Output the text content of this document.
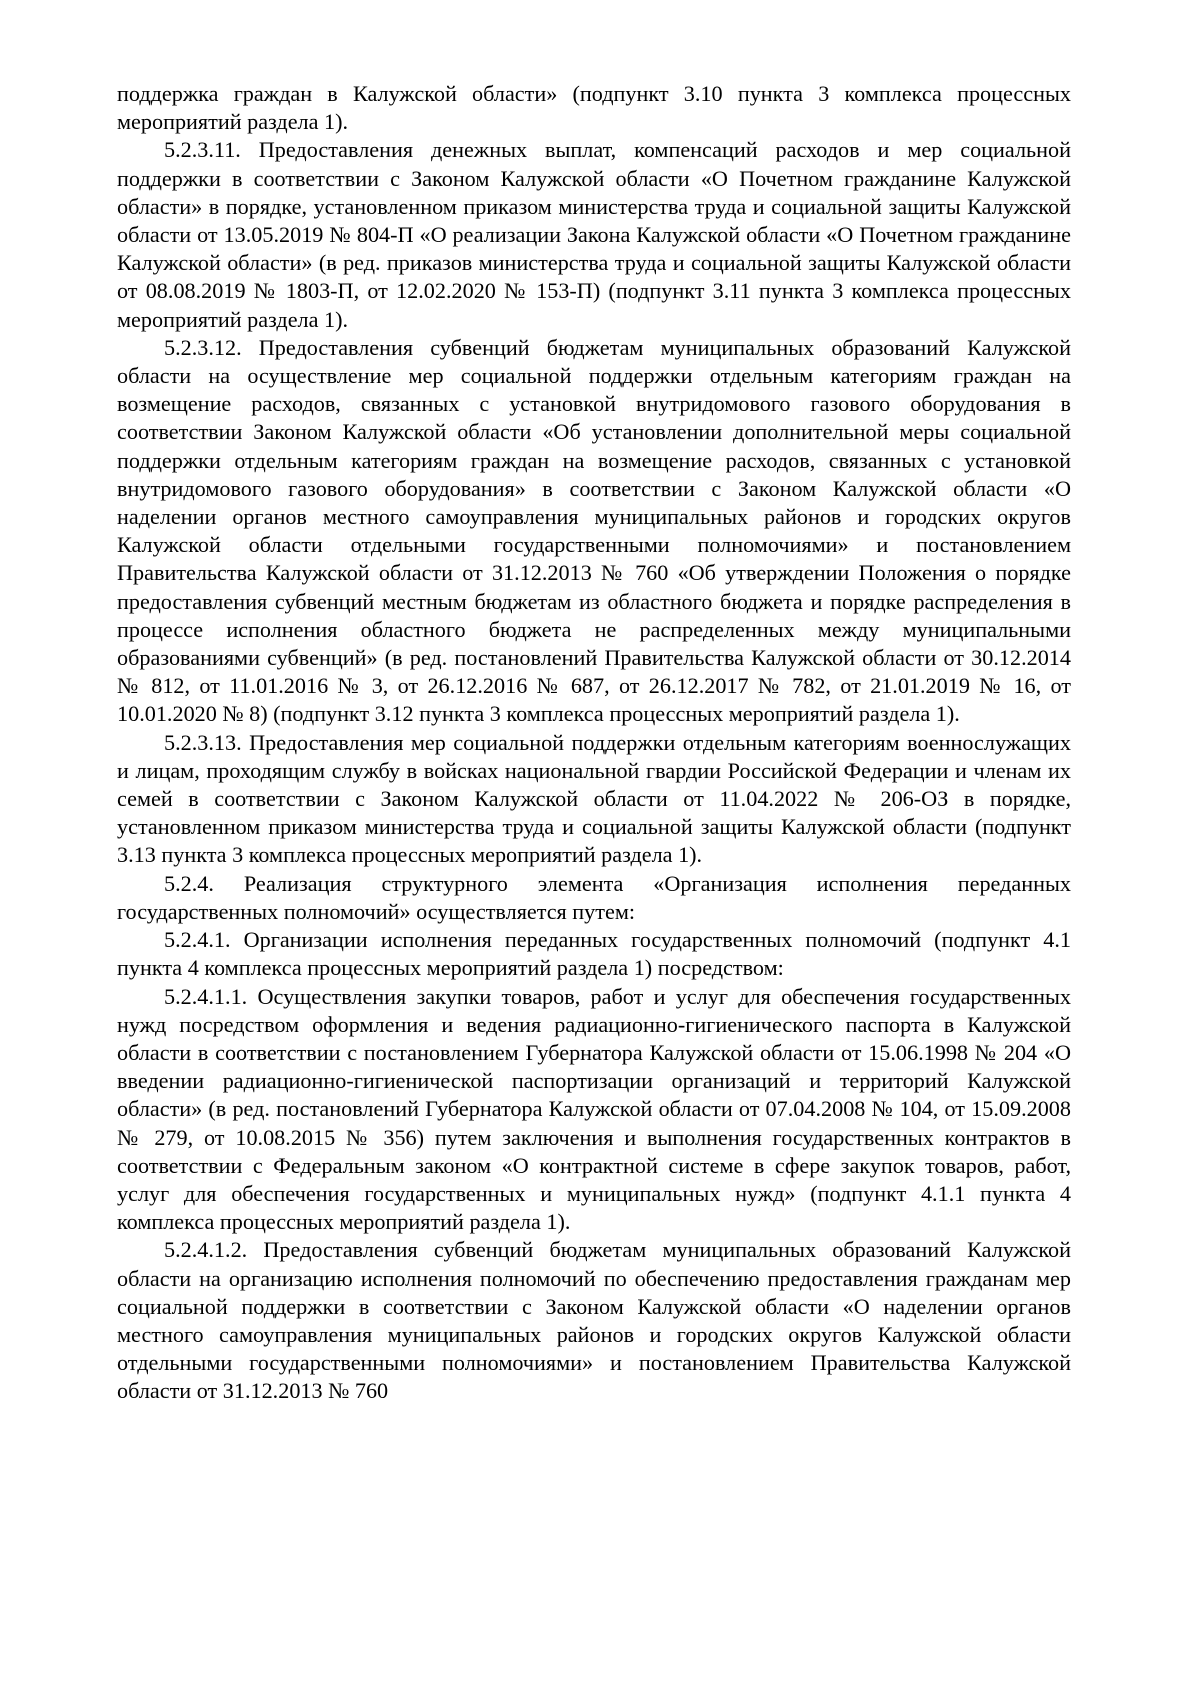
поддержка граждан в Калужской области» (подпункт 3.10 пункта 3 комплекса процессных мероприятий раздела 1).

5.2.3.11. Предоставления денежных выплат, компенсаций расходов и мер социальной поддержки в соответствии с Законом Калужской области «О Почетном гражданине Калужской области» в порядке, установленном приказом министерства труда и социальной защиты Калужской области от 13.05.2019 № 804-П «О реализации Закона Калужской области «О Почетном гражданине Калужской области» (в ред. приказов министерства труда и социальной защиты Калужской области от 08.08.2019 № 1803-П, от 12.02.2020 № 153-П) (подпункт 3.11 пункта 3 комплекса процессных мероприятий раздела 1).

5.2.3.12. Предоставления субвенций бюджетам муниципальных образований Калужской области на осуществление мер социальной поддержки отдельным категориям граждан на возмещение расходов, связанных с установкой внутридомового газового оборудования в соответствии Законом Калужской области «Об установлении дополнительной меры социальной поддержки отдельным категориям граждан на возмещение расходов, связанных с установкой внутридомового газового оборудования» в соответствии с Законом Калужской области «О наделении органов местного самоуправления муниципальных районов и городских округов Калужской области отдельными государственными полномочиями» и постановлением Правительства Калужской области от 31.12.2013 № 760 «Об утверждении Положения о порядке предоставления субвенций местным бюджетам из областного бюджета и порядке распределения в процессе исполнения областного бюджета не распределенных между муниципальными образованиями субвенций» (в ред. постановлений Правительства Калужской области от 30.12.2014 № 812, от 11.01.2016 № 3, от 26.12.2016 № 687, от 26.12.2017 № 782, от 21.01.2019 № 16, от 10.01.2020 № 8) (подпункт 3.12 пункта 3 комплекса процессных мероприятий раздела 1).

5.2.3.13. Предоставления мер социальной поддержки отдельным категориям военнослужащих и лицам, проходящим службу в войсках национальной гвардии Российской Федерации и членам их семей в соответствии с Законом Калужской области от 11.04.2022 № 206-ОЗ в порядке, установленном приказом министерства труда и социальной защиты Калужской области (подпункт 3.13 пункта 3 комплекса процессных мероприятий раздела 1).

5.2.4. Реализация структурного элемента «Организация исполнения переданных государственных полномочий» осуществляется путем:

5.2.4.1. Организации исполнения переданных государственных полномочий (подпункт 4.1 пункта 4 комплекса процессных мероприятий раздела 1) посредством:

5.2.4.1.1. Осуществления закупки товаров, работ и услуг для обеспечения государственных нужд посредством оформления и ведения радиационно-гигиенического паспорта в Калужской области в соответствии с постановлением Губернатора Калужской области от 15.06.1998 № 204 «О введении радиационно-гигиенической паспортизации организаций и территорий Калужской области» (в ред. постановлений Губернатора Калужской области от 07.04.2008 № 104, от 15.09.2008 № 279, от 10.08.2015 № 356) путем заключения и выполнения государственных контрактов в соответствии с Федеральным законом «О контрактной системе в сфере закупок товаров, работ, услуг для обеспечения государственных и муниципальных нужд» (подпункт 4.1.1 пункта 4 комплекса процессных мероприятий раздела 1).

5.2.4.1.2. Предоставления субвенций бюджетам муниципальных образований Калужской области на организацию исполнения полномочий по обеспечению предоставления гражданам мер социальной поддержки в соответствии с Законом Калужской области «О наделении органов местного самоуправления муниципальных районов и городских округов Калужской области отдельными государственными полномочиями» и постановлением Правительства Калужской области от 31.12.2013 № 760
